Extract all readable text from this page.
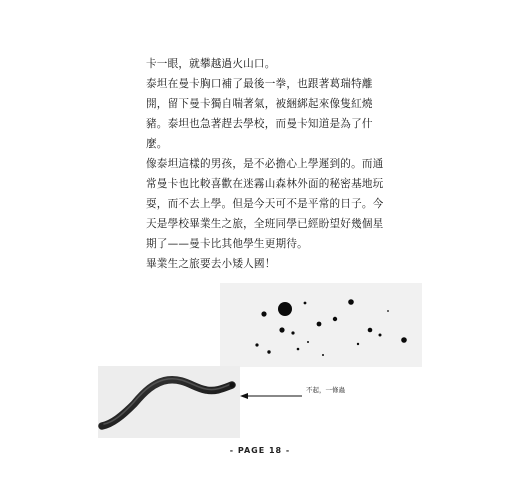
卡一眼，就攀越過火山口。

泰坦在曼卡胸口補了最後一拳，也跟著葛瑞特離開，留下曼卡獨自喘著氣，被綑綁起來像隻紅燒豬。泰坦也急著趕去學校，而曼卡知道是為了什麼。

像泰坦這樣的男孩，是不必擔心上學遲到的。而通常曼卡也比較喜歡在迷霧山森林外面的秘密基地玩耍，而不去上學。但是今天可不是平常的日子。今天是學校畢業生之旅，全班同學已經盼望好幾個星期了——曼卡比其他學生更期待。

畢業生之旅要去小矮人國！

不起，一條蟲
- PAGE 18 -
